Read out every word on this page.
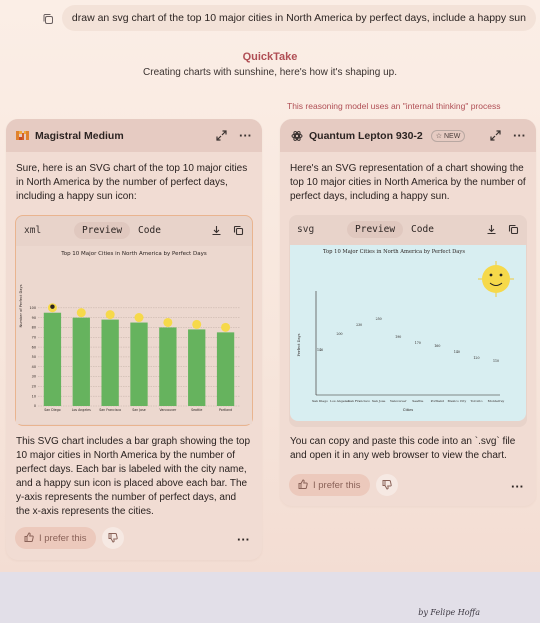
by Felipe Hoffa
draw an svg chart of the top 10 major cities in North America by perfect days, include a happy sun
QuickTake
Creating charts with sunshine, here's how it's shaping up.
This reasoning model uses an "internal thinking" process
Magistral Medium	···
Sure, here is an SVG chart of the top 10 major cities in North America by the number of perfect days, including a happy sun icon:
xml	Preview	Code
100
90
80
70
60
50
40
30
20
10
0
San Diego	Los Angeles	San Francisco	San Jose	Vancouver	Seattle	Portland
Top 10 Major Cities in North America by Perfect Days
Number of Perfect Days
This SVG chart includes a bar graph showing the top 10 major cities in North America by the number of perfect days. Each bar is labeled with the city name, and a happy sun icon is placed above each bar. The y-axis represents the number of perfect days, and the x-axis represents the cities.
I prefer this	···
Quantum Lepton 930-2	☆ NEW	···
Here's an SVG representation of a chart showing the top 10 major cities in North America by the number of perfect days, including a happy sun.
svg	Preview	Code
Top 10 Major Cities in North America by Perfect Days
Perfect Days
Cities
146
200
230
250
190
170
160
140
120
110
San Diego Los Angeles
San Francisco San Jose	Vancouver Seattle Portland Mexico City Toronto Monterrey
You can copy and paste this code into an `.svg` file and open it in any web browser to view the chart.
I prefer this	···
